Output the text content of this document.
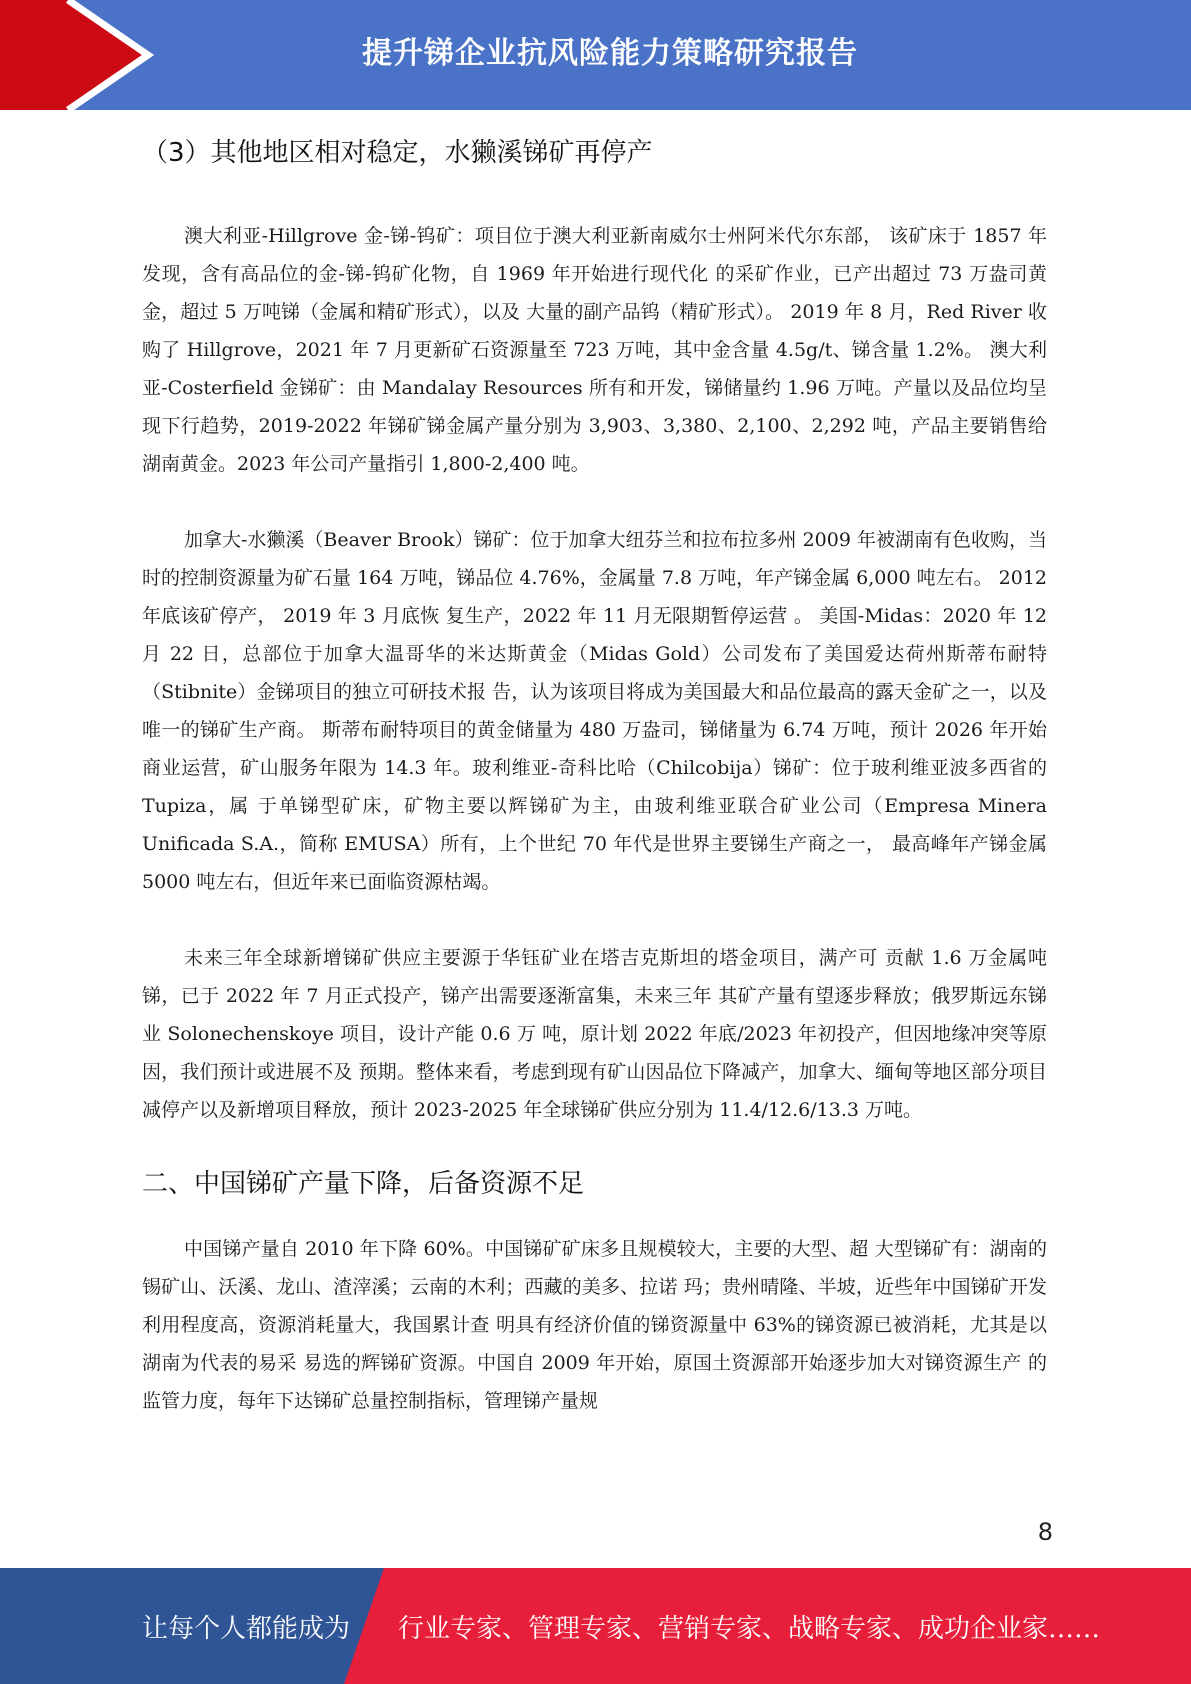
提升锑企业抗风险能力策略研究报告
（3）其他地区相对稳定，水獭溪锑矿再停产

澳大利亚-Hillgrove 金-锑-钨矿：项目位于澳大利亚新南威尔士州阿米代尔东部， 该矿床于 1857 年发现，含有高品位的金-锑-钨矿化物，自 1969 年开始进行现代化 的采矿作业，已产出超过 73 万盎司黄金，超过 5 万吨锑（金属和精矿形式），以及 大量的副产品钨（精矿形式）。 2019 年 8 月，Red River 收购了 Hillgrove，2021 年 7 月更新矿石资源量至 723 万吨，其中金含量 4.5g/t、锑含量 1.2%。 澳大利亚-Costerfield 金锑矿：由 Mandalay Resources 所有和开发，锑储量约 1.96 万吨。产量以及品位均呈现下行趋势，2019-2022 年锑矿锑金属产量分别为 3,903、3,380、2,100、2,292 吨，产品主要销售给湖南黄金。2023 年公司产量指引 1,800-2,400 吨。

加拿大-水獭溪（Beaver Brook）锑矿：位于加拿大纽芬兰和拉布拉多州 2009 年被湖南有色收购，当时的控制资源量为矿石量 164 万吨，锑品位 4.76%，金属量 7.8 万吨，年产锑金属 6,000 吨左右。 2012 年底该矿停产， 2019 年 3 月底恢 复生产，2022 年 11 月无限期暂停运营 。 美国-Midas：2020 年 12 月 22 日，总部位于加拿大温哥华的米达斯黄金（Midas Gold）公司发布了美国爱达荷州斯蒂布耐特（Stibnite）金锑项目的独立可研技术报 告，认为该项目将成为美国最大和品位最高的露天金矿之一，以及唯一的锑矿生产商。 斯蒂布耐特项目的黄金储量为 480 万盎司，锑储量为 6.74 万吨，预计 2026 年开始 商业运营，矿山服务年限为 14.3 年。玻利维亚-奇科比哈（Chilcobija）锑矿：位于玻利维亚波多西省的 Tupiza，属 于单锑型矿床，矿物主要以辉锑矿为主，由玻利维亚联合矿业公司（Empresa Minera Unificada S.A.，简称 EMUSA）所有，上个世纪 70 年代是世界主要锑生产商之一， 最高峰年产锑金属 5000 吨左右，但近年来已面临资源枯竭。

未来三年全球新增锑矿供应主要源于华钰矿业在塔吉克斯坦的塔金项目，满产可 贡献 1.6 万金属吨锑，已于 2022 年 7 月正式投产，锑产出需要逐渐富集，未来三年 其矿产量有望逐步释放；俄罗斯远东锑业 Solonechenskoye 项目，设计产能 0.6 万 吨，原计划 2022 年底/2023 年初投产，但因地缘冲突等原因，我们预计或进展不及 预期。整体来看，考虑到现有矿山因品位下降减产，加拿大、缅甸等地区部分项目 减停产以及新增项目释放，预计 2023-2025 年全球锑矿供应分别为 11.4/12.6/13.3 万吨。

二、中国锑矿产量下降，后备资源不足

中国锑产量自 2010 年下降 60%。中国锑矿矿床多且规模较大，主要的大型、超 大型锑矿有：湖南的锡矿山、沃溪、龙山、渣滓溪；云南的木利；西藏的美多、拉诺 玛；贵州晴隆、半坡，近些年中国锑矿开发利用程度高，资源消耗量大，我国累计查 明具有经济价值的锑资源量中 63%的锑资源已被消耗，尤其是以湖南为代表的易采 易选的辉锑矿资源。中国自 2009 年开始，原国土资源部开始逐步加大对锑资源生产 的监管力度，每年下达锑矿总量控制指标，管理锑产量规

8
让每个人都能成为 行业专家、管理专家、营销专家、战略专家、成功企业家……
